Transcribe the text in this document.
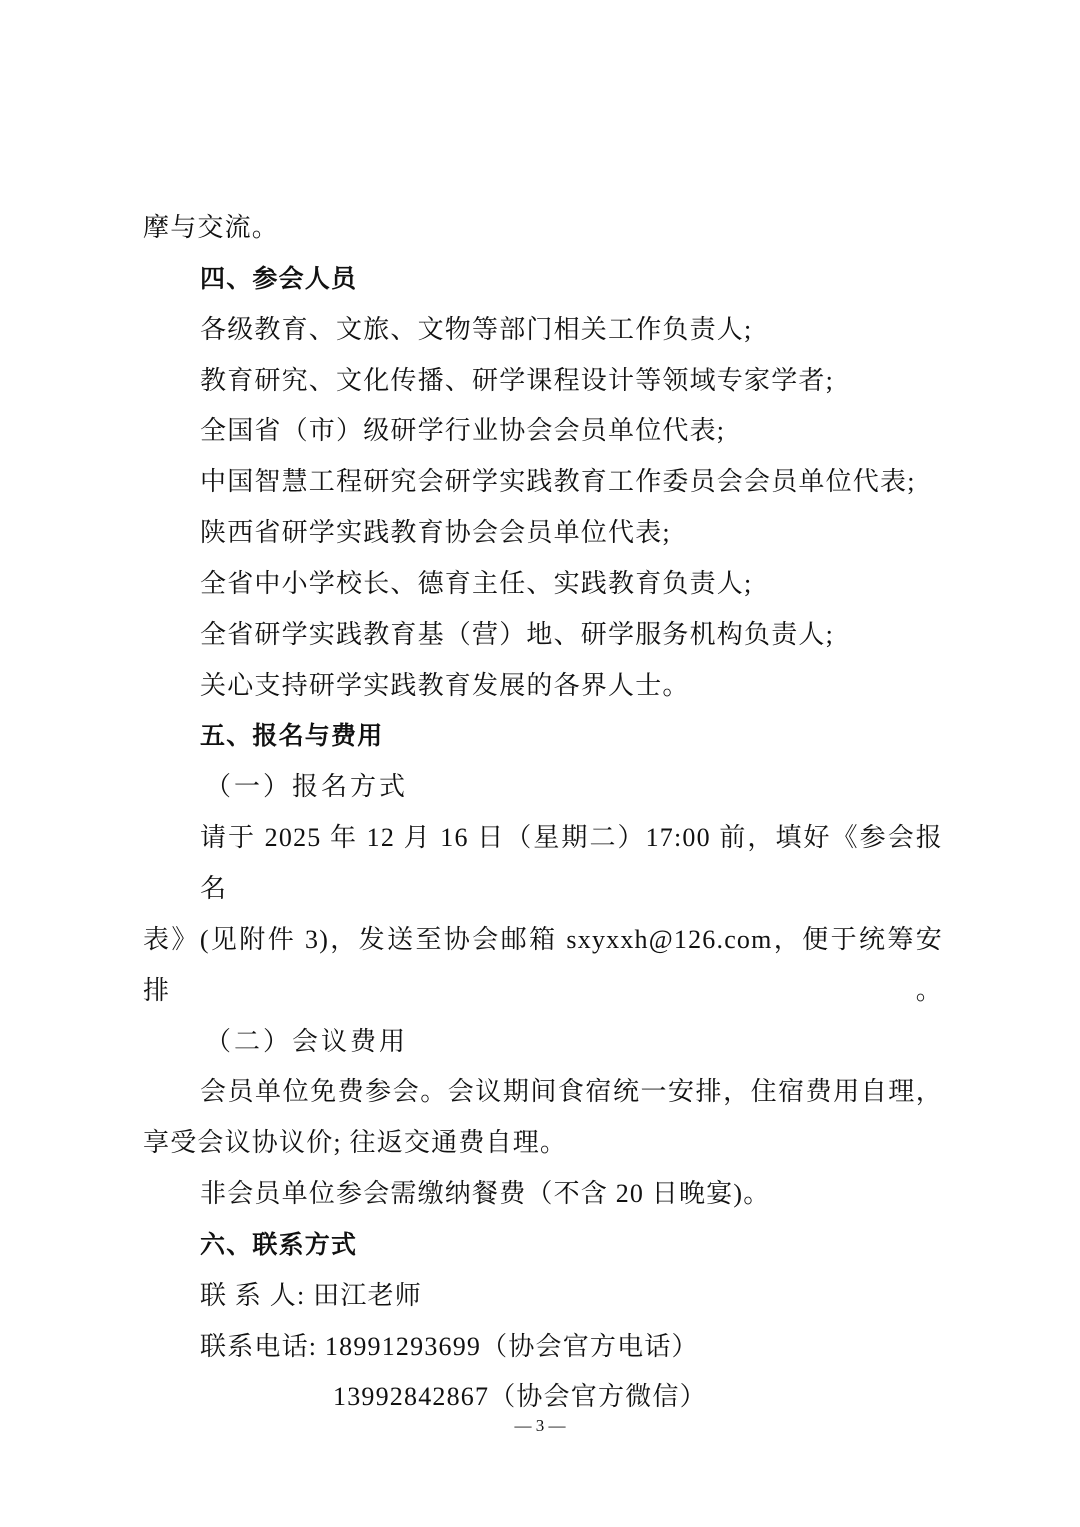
摩与交流。
四、参会人员
各级教育、文旅、文物等部门相关工作负责人;
教育研究、文化传播、研学课程设计等领域专家学者;
全国省（市）级研学行业协会会员单位代表;
中国智慧工程研究会研学实践教育工作委员会会员单位代表;
陕西省研学实践教育协会会员单位代表;
全省中小学校长、德育主任、实践教育负责人;
全省研学实践教育基（营）地、研学服务机构负责人;
关心支持研学实践教育发展的各界人士。
五、报名与费用
（一）报名方式
请于 2025 年 12 月 16 日（星期二）17:00 前，填好《参会报名
表》(见附件 3)，发送至协会邮箱 sxyxxh@126.com，便于统筹安排。
（二）会议费用
会员单位免费参会。会议期间食宿统一安排，住宿费用自理，
享受会议协议价; 往返交通费自理。
非会员单位参会需缴纳餐费（不含 20 日晚宴)。
六、联系方式
联 系 人: 田江老师
联系电话: 18991293699（协会官方电话）
13992842867（协会官方微信）
— 3 —
